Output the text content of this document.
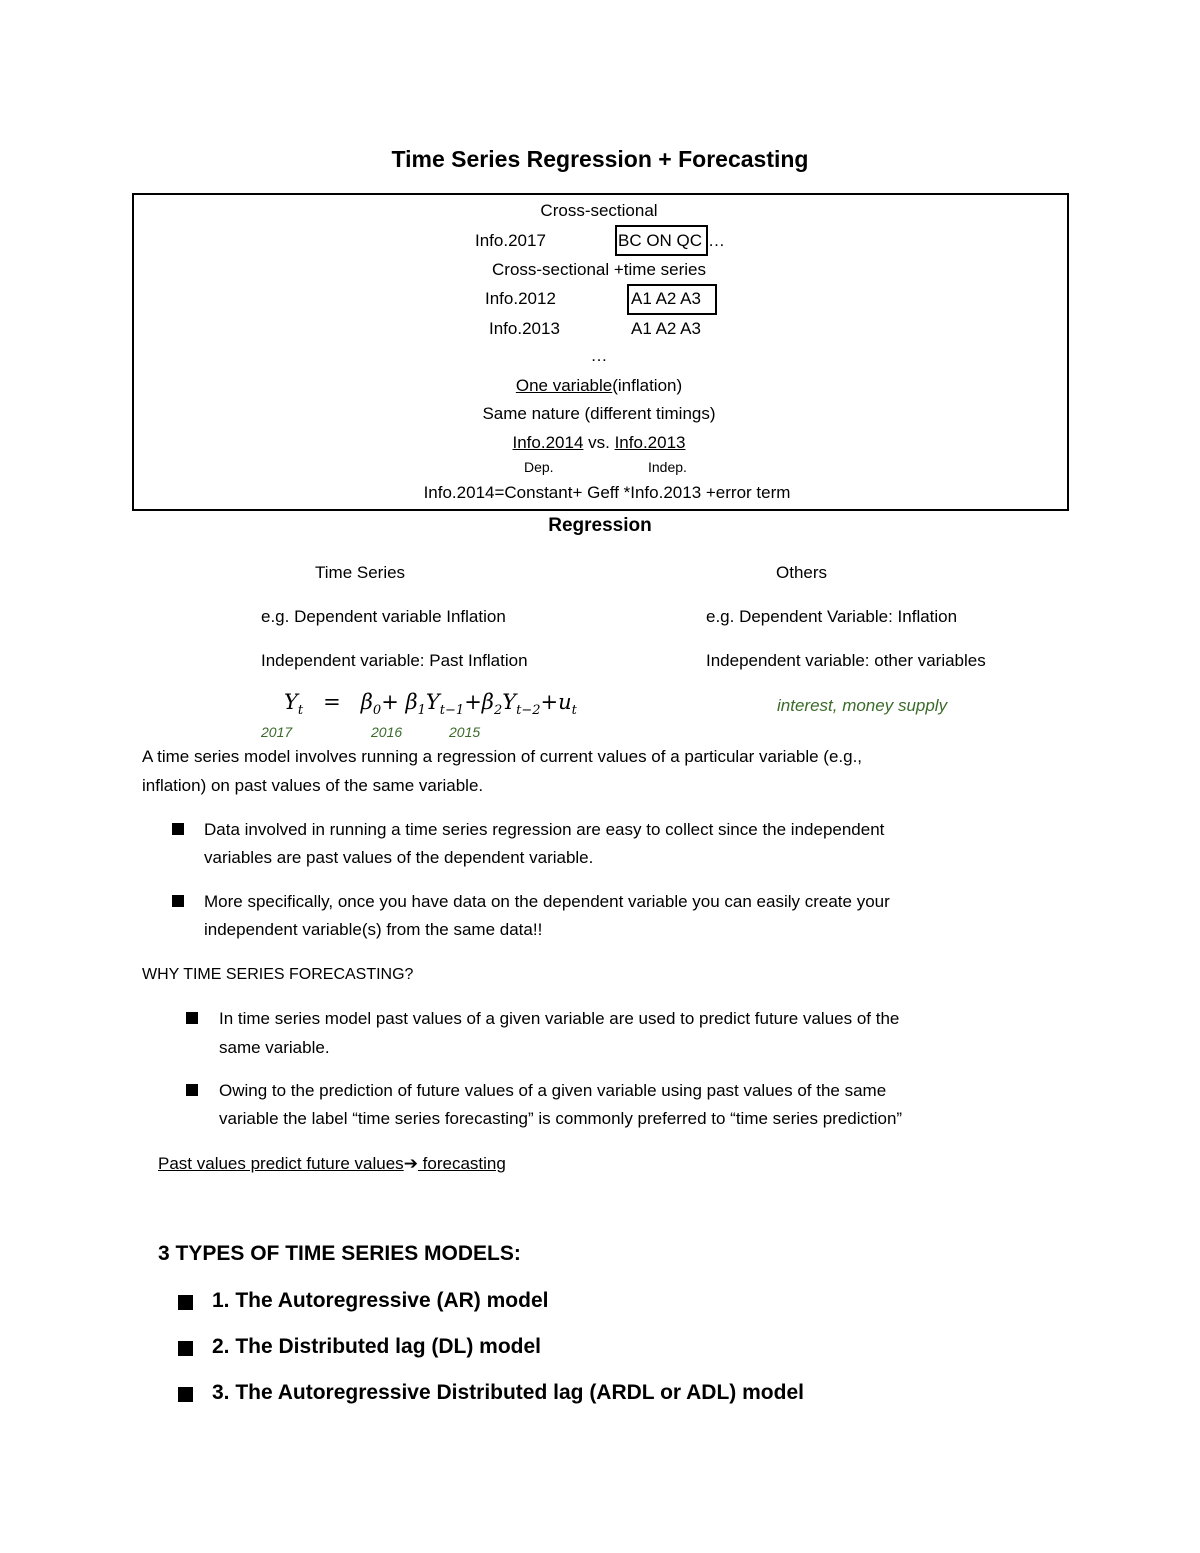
Time Series Regression + Forecasting
Cross-sectional
Info.2017	BC ON QC …
Cross-sectional +time series
Info.2012	A1 A2 A3
Info.2013	A1 A2 A3
…
One variable(inflation)
Same nature (different timings)
Info.2014 vs. Info.2013
Dep.	Indep.
Info.2014=Constant+ Geff *Info.2013 +error term
Regression
Time Series	Others
e.g. Dependent variable Inflation	e.g. Dependent Variable: Inflation
Independent variable: Past Inflation	Independent variable: other variables
$Y_t = \beta_0+ \beta_1Y_{t-1}+\beta_2Y_{t-2}+u_t$	interest, money supply
2017	2016	2015
A time series model involves running a regression of current values of a particular variable (e.g.,
inflation) on past values of the same variable.
Data involved in running a time series regression are easy to collect since the independent
variables are past values of the dependent variable.
More specifically, once you have data on the dependent variable you can easily create your
independent variable(s) from the same data!!
WHY TIME SERIES FORECASTING?
In time series model past values of a given variable are used to predict future values of the
same variable.
Owing to the prediction of future values of a given variable using past values of the same
variable the label “time series forecasting” is commonly preferred to “time series prediction”
Past values predict future values➔ forecasting
3 TYPES OF TIME SERIES MODELS:
1. The Autoregressive (AR) model
2. The Distributed lag (DL) model
3. The Autoregressive Distributed lag (ARDL or ADL) model
